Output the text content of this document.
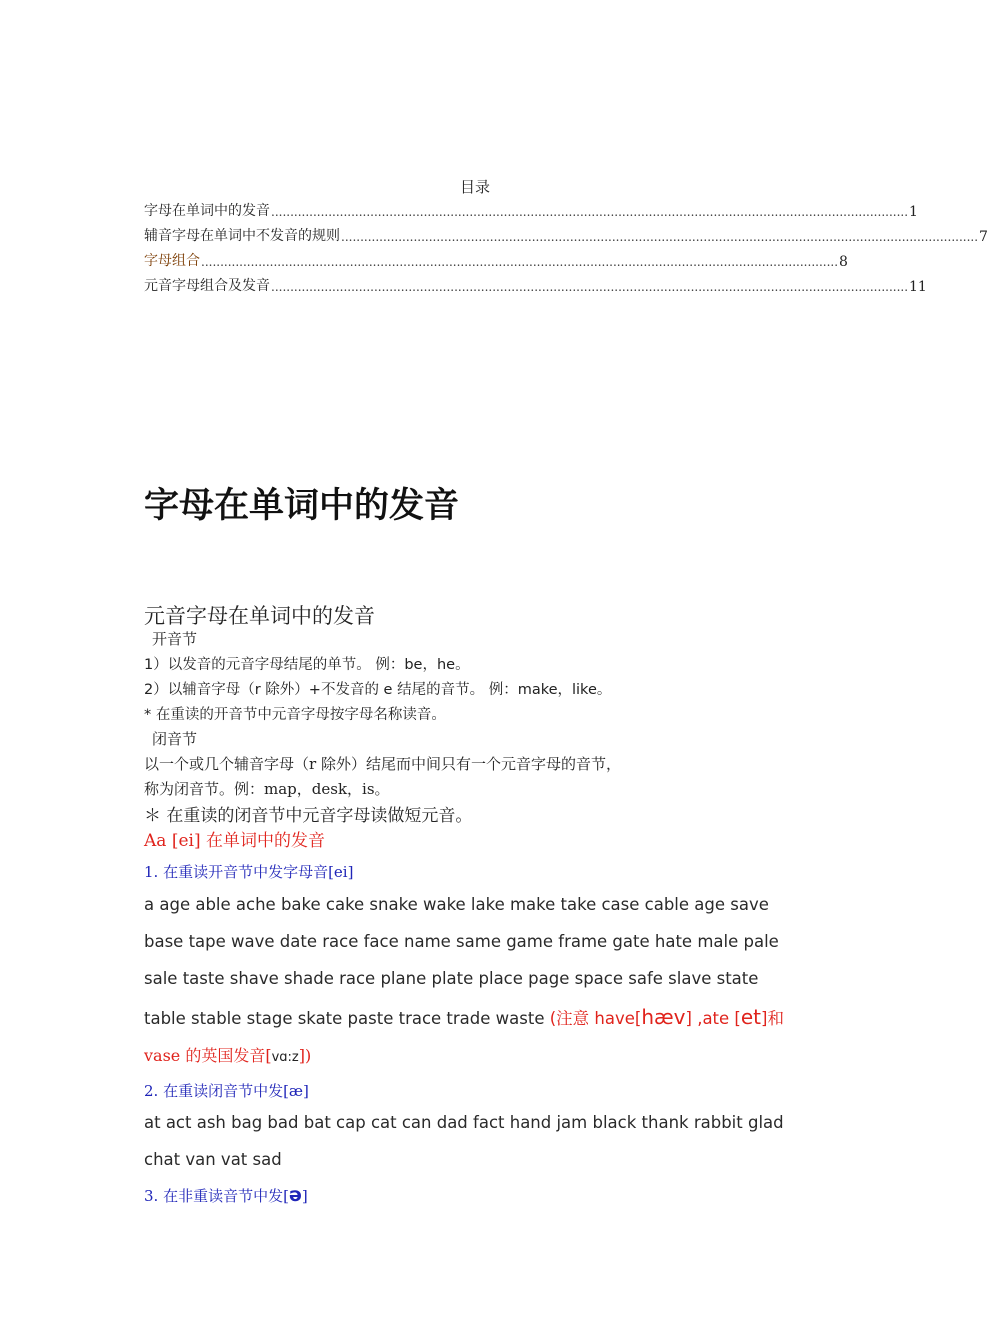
目录
字母在单词中的发音 ....................................................................................................................................................................... 1
辅音字母在单词中不发音的规则 ....................................................................................................................................................................... 7
字母组合 ....................................................................................................................................................................... 8
元音字母组合及发音 ....................................................................................................................................................................... 11
字母在单词中的发音
元音字母在单词中的发音
开音节
1）以发音的元音字母结尾的单节。 例：be，he。
2）以辅音字母（r 除外）+不发音的 e 结尾的音节。 例：make，like。
* 在重读的开音节中元音字母按字母名称读音。
闭音节
以一个或几个辅音字母（r 除外）结尾而中间只有一个元音字母的音节，
称为闭音节。例：map，desk，is。
＊ 在重读的闭音节中元音字母读做短元音。
Aa [ei] 在单词中的发音
1. 在重读开音节中发字母音[ei]
a age able ache bake cake snake wake lake make take case cable age save
base tape wave date race face name same game frame gate hate male pale
sale taste shave shade race plane plate place page space safe slave state
table stable stage skate paste trace trade waste (注意 have[hæv] ,ate [et]和
vase 的英国发音[vɑ:z])
2. 在重读闭音节中发[æ]
at act ash bag bad bat cap cat can dad fact hand jam black thank rabbit glad
chat van vat sad
3. 在非重读音节中发[ə]
